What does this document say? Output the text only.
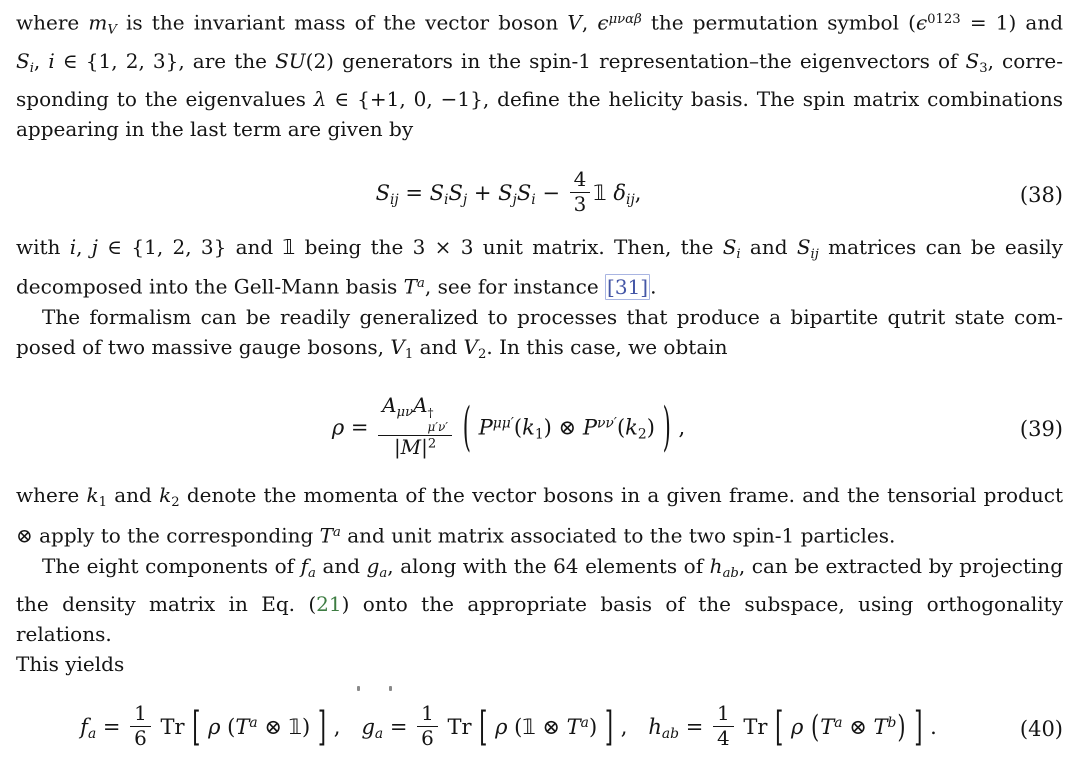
where mV is the invariant mass of the vector boson V, $\epsilon^{\mu\nu\alpha\beta}$ the permutation symbol $(\epsilon^{0123} = 1)$ and
Si, i ∈ {1, 2, 3}, are the SU(2) generators in the spin-1 representation–the eigenvectors of S3, corre-
sponding to the eigenvalues λ ∈ {+1, 0, −1}, define the helicity basis. The spin matrix combinations
appearing in the last term are given by
Sij = SiSj + SjSi − $\frac{4}{3}$ 𝟙 δij,	(38)
with i, j ∈ {1, 2, 3} and 𝟙 being the 3 × 3 unit matrix. Then, the Si and Sij matrices can be easily
decomposed into the Gell-Mann basis $T^a$, see for instance [31] .
The formalism can be readily generalized to processes that produce a bipartite qutrit state com-
posed of two massive gauge bosons, V1 and V2. In this case, we obtain
ρ = AμνA †
μ′ν′
$|M|^2$ ( $P^{\mu\mu'}(k1)$ ⊗ $P^{\nu\nu'}(k2)$ ) ,	(39)
where k1 and k2 denote the momenta of the vector bosons in a given frame. and the tensorial product
⊗ apply to the corresponding $T^a$ and unit matrix associated to the two spin-1 particles.
The eight components of fa and ga, along with the 64 elements of hab, can be extracted by projecting
the density matrix in Eq. (21) onto the appropriate basis of the subspace, using orthogonality relations.
This yields
fa = $\frac{1}{6}$ Tr [ ρ ($T^a$ ⊗ 𝟙) ] , ga = $\frac{1}{6}$ Tr [ ρ (𝟙 ⊗ $T^a$) ] , hab = $\frac{1}{4}$ Tr [ ρ ($T^a$ ⊗ $T^b$) ] .	(40)
